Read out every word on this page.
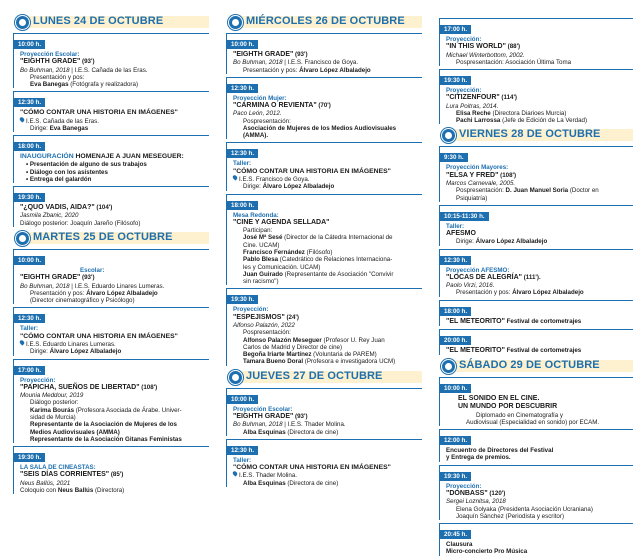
LUNES 24 DE OCTUBRE
10:00 h.
Proyección Escolar:
"EIGHTH GRADE" (93')
Bo Buhman, 2018 | I.E.S. Cañada de las Eras.
Presentación y pos:
Eva Banegas (Fotógrafa y realizadora)
12:30 h.
"CÓMO CONTAR UNA HISTORIA EN IMÁGENES"
I.E.S. Cañada de las Eras.
Dirige: Eva Banegas
18:00 h.
INAUGURACIÓN HOMENAJE A JUAN MESEGUER:
• Presentación de alguno de sus trabajos
• Diálogo con los asistentes
• Entrega del galardón
19:30 h.
"¿QUO VADIS, AIDA?" (104')
Jasmila Zbanic, 2020
Diálogo posterior: Joaquín Jareño (Filósofo)
MARTES 25 DE OCTUBRE
10:00 h.
Escolar:
"EIGHTH GRADE" (93')
Bo Buhman, 2018 | I.E.S. Eduardo Linares Lumeras.
Presentación y pos: Álvaro López Albaladejo
(Director cinematográfico y Psicólogo)
12:30 h.
Taller:
"CÓMO CONTAR UNA HISTORIA EN IMÁGENES"
I.E.S. Eduardo Linares Lumeras.
Dirige: Álvaro López Albaladejo
17:00 h.
Proyección:
"PAPICHA, SUEÑOS DE LIBERTAD" (108')
Mounia Meddour, 2019
Diálogo posterior:
Karima Bourás (Profesora Asociada de Árabe. Univer-
sidad de Murcia)
Representante de la Asociación de Mujeres de los
Medios Audiovisuales (AMMA)
Representante de la Asociación Gitanas Feministas
19:30 h.
LA SALA DE CINEASTAS:
"SEIS DÍAS CORRIENTES" (85')
Neus Ballús, 2021
Coloquio con Neus Ballús (Directora)
MIÉRCOLES 26 DE OCTUBRE
10:00 h.
"EIGHTH GRADE" (93')
Bo Buhman, 2018 | I.E.S. Francisco de Goya.
Presentación y pos: Álvaro López Albaladejo
12:30 h.
Proyección Mujer:
"CARMINA O REVIENTA" (70')
Paco León, 2012.
Pospresentación:
Asociación de Mujeres de los Medios Audiovisuales
(AMMA).
12:30 h.
Taller:
"CÓMO CONTAR UNA HISTORIA EN IMÁGENES"
I.E.S. Francisco de Goya.
Dirige: Álvaro López Albaladejo
18:00 h.
Mesa Redonda:
"CINE Y AGENDA SELLADA"
Participan:
José Mª Sesé (Director de la Cátedra Internacional de
Cine. UCAM)
Francisco Fernández (Filósofo)
Pablo Blesa (Catedrático de Relaciones Internaciona-
les y Comunicación. UCAM)
Juan Guirado (Representante de Asociación "Convivir
sin racismo")
19:30 h.
Proyección:
"ESPEJISMOS" (24')
Alfonso Palazón, 2022
Pospresentación:
Alfonso Palazón Meseguer (Profesor U. Rey Juan
Carlos de Madrid y Director de cine)
Begoña Iriarte Martínez (Voluntaria de PAREM)
Tamara Bueno Doral (Profesora e investigadora UCM)
JUEVES 27 DE OCTUBRE
10:00 h.
Proyección Escolar:
"EIGHTH GRADE" (93')
Bo Buhman, 2018 | I.E.S. Thader Molina.
Alba Esquinas (Directora de cine)
12:30 h.
Taller:
"CÓMO CONTAR UNA HISTORIA EN IMÁGENES"
I.E.S. Thader Molina.
Alba Esquinas (Directora de cine)
17:00 h.
Proyección:
"IN THIS WORLD" (88')
Michael Winterbottom, 2002.
Pospresentación: Asociación Última Toma
19:30 h.
Proyección:
"CITIZENFOUR" (114')
Lura Poitras, 2014.
Elisa Reche (Directora Diarioes Murcia)
Pachi Larrossa (Jefe de Edición de La Verdad)
VIERNES 28 DE OCTUBRE
9:30 h.
Proyección Mayores:
"ELSA Y FRED" (108')
Marcos Carnevale, 2005.
Pospresentación: D. Juan Manuel Soria (Doctor en
Psiquiatría)
10:15-11:30 h.
Taller:
AFESMO
Dirige: Álvaro López Albaladejo
12:30 h.
Proyección AFESMO:
"LOCAS DE ALEGRÍA" (111').
Paolo Virzi, 2016.
Presentación y pos: Álvaro López Albaladejo
18:00 h.
"EL METEORITO" Festival de cortometrajes
20:00 h.
"EL METEORITO" Festival de cortometrajes
SÁBADO 29 DE OCTUBRE
10:00 h.
EL SONIDO EN EL CINE.
UN MUNDO POR DESCUBRIR
Diplomado en Cinematografía y
Audiovisual (Especialidad en sonido) por ECAM.
12:00 h.
Encuentro de Directores del Festival
y Entrega de premios.
19:30 h.
Proyección:
"DONBASS" (120')
Sergei Loznitsa, 2018
Elena Golyaka (Presidenta Asociación Ucraniana)
Joaquín Sánchez (Periodista y escritor)
20:45 h.
Clausura
Micro-concierto Pro Música
